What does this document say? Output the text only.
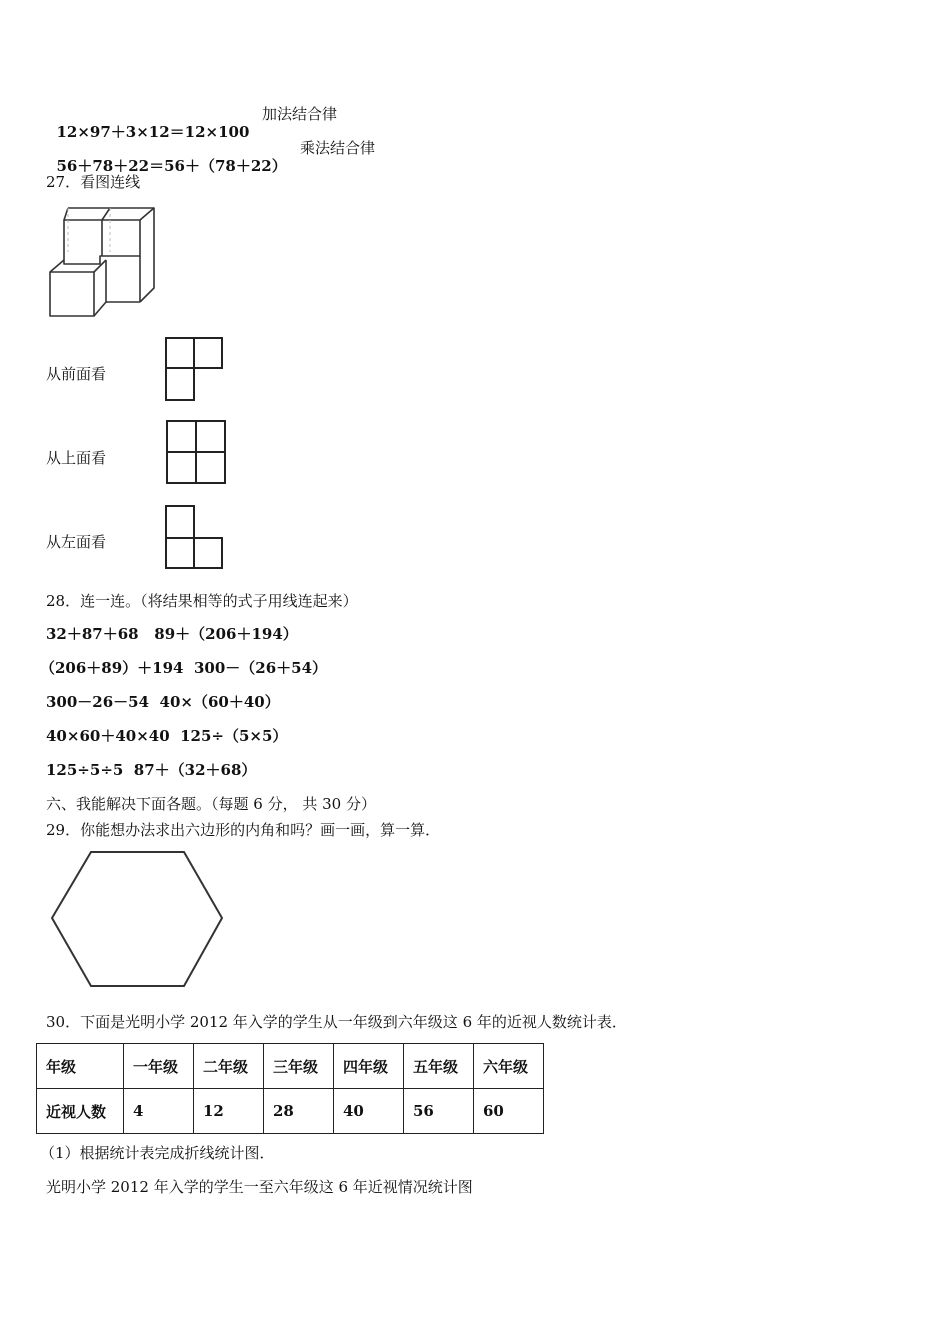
12×97＋3×12＝12×100

加法结合律

56＋78＋22＝56＋（78＋22）

乘法结合律
27．看图连线
从前面看
从上面看
从左面看
28．连一连。（将结果相等的式子用线连起来）
32＋87＋68 89＋（206＋194）
（206＋89）＋194 300－（26＋54）
300－26－54 40×（60＋40）
40×60＋40×40 125÷（5×5）
125÷5÷5 87＋（32＋68）
六、我能解决下面各题。（每题 6 分， 共 30 分）
29．你能想办法求出六边形的内角和吗？画一画，算一算．
30．下面是光明小学 2012 年入学的学生从一年级到六年级这 6 年的近视人数统计表．
年级	一年级	二年级	三年级	四年级	五年级	六年级
近视人数	4	12	28	40	56	60
（1）根据统计表完成折线统计图．
光明小学 2012 年入学的学生一至六年级这 6 年近视情况统计图
